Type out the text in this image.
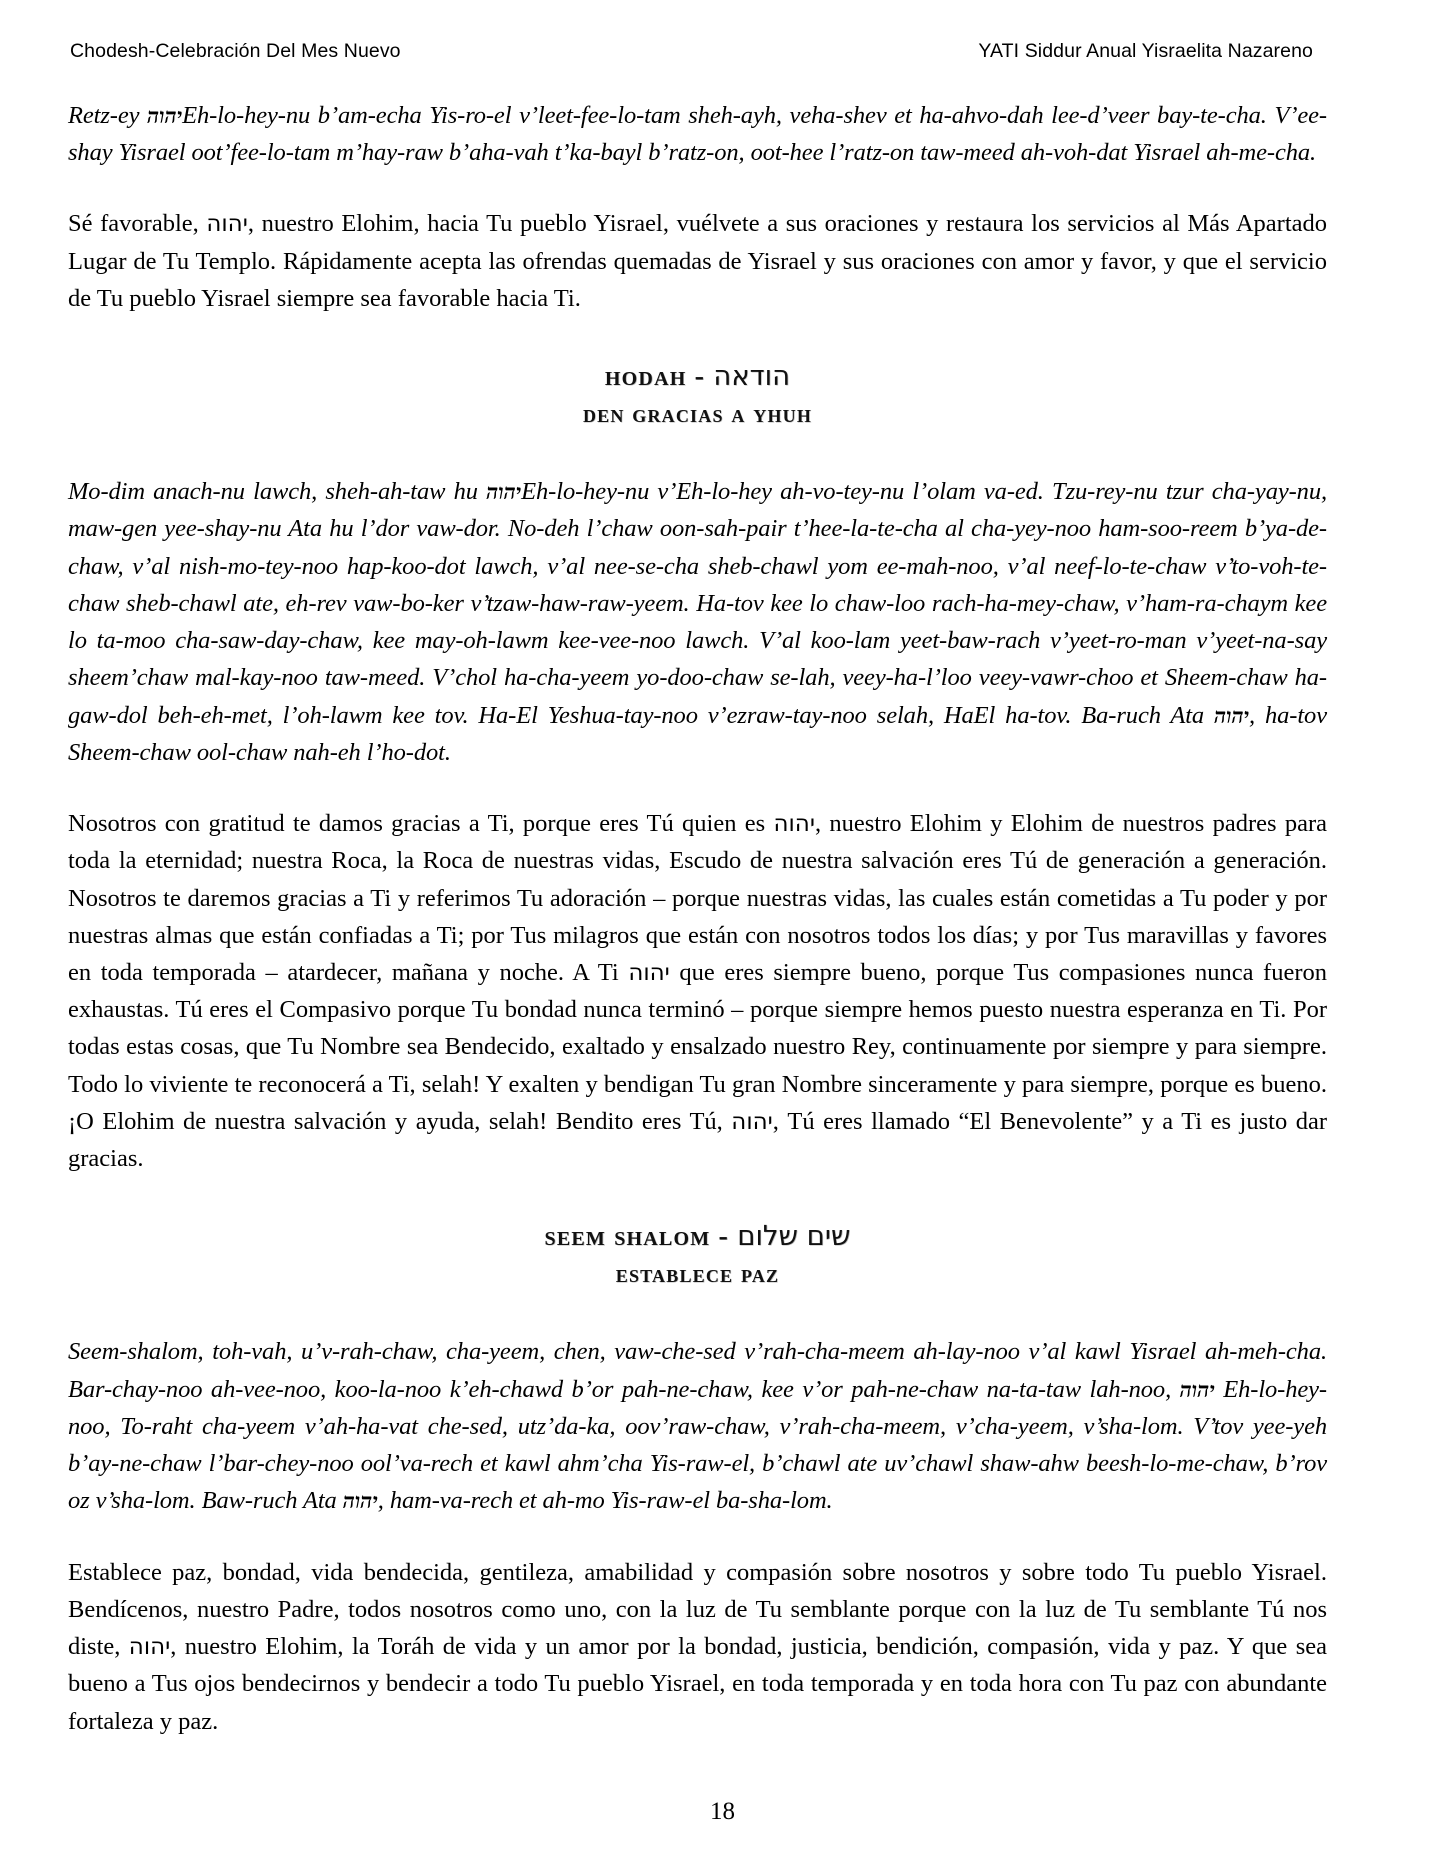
Chodesh-Celebración Del Mes Nuevo	YATI Siddur Anual Yisraelita Nazareno

Retz-ey יהוהEh-lo-hey-nu b’am-echa Yis-ro-el v’leet-fee-lo-tam sheh-ayh, veha-shev et ha-ahvo-dah lee-d’veer bay-te-cha. V’ee-shay Yisrael oot’fee-lo-tam m’hay-raw b’aha-vah t’ka-bayl b’ratz-on, oot-hee l’ratz-on taw-meed ah-voh-dat Yisrael ah-me-cha.

Sé favorable, יהוה, nuestro Elohim, hacia Tu pueblo Yisrael, vuélvete a sus oraciones y restaura los servicios al Más Apartado Lugar de Tu Templo. Rápidamente acepta las ofrendas quemadas de Yisrael y sus oraciones con amor y favor, y que el servicio de Tu pueblo Yisrael siempre sea favorable hacia Ti.

hodah - הודאה
den gracias a yhuh

Mo-dim anach-nu lawch, sheh-ah-taw hu יהוהEh-lo-hey-nu v’Eh-lo-hey ah-vo-tey-nu l’olam va-ed. Tzu-rey-nu tzur cha-yay-nu, maw-gen yee-shay-nu Ata hu l’dor vaw-dor. No-deh l’chaw oon-sah-pair t’hee-la-te-cha al cha-yey-noo ham-soo-reem b’ya-de-chaw, v’al nish-mo-tey-noo hap-koo-dot lawch, v’al nee-se-cha sheb-chawl yom ee-mah-noo, v’al neef-lo-te-chaw v’to-voh-te-chaw sheb-chawl ate, eh-rev vaw-bo-ker v’tzaw-haw-raw-yeem. Ha-tov kee lo chaw-loo rach-ha-mey-chaw, v’ham-ra-chaym kee lo ta-moo cha-saw-day-chaw, kee may-oh-lawm kee-vee-noo lawch. V’al koo-lam yeet-baw-rach v’yeet-ro-man v’yeet-na-say sheem’chaw mal-kay-noo taw-meed. V’chol ha-cha-yeem yo-doo-chaw se-lah, veey-ha-l’loo veey-vawr-choo et Sheem-chaw ha-gaw-dol beh-eh-met, l’oh-lawm kee tov. Ha-El Yeshua-tay-noo v’ezraw-tay-noo selah, HaEl ha-tov. Ba-ruch Ata יהוה, ha-tov Sheem-chaw ool-chaw nah-eh l’ho-dot.

Nosotros con gratitud te damos gracias a Ti, porque eres Tú quien es יהוה, nuestro Elohim y Elohim de nuestros padres para toda la eternidad; nuestra Roca, la Roca de nuestras vidas, Escudo de nuestra salvación eres Tú de generación a generación. Nosotros te daremos gracias a Ti y referimos Tu adoración – porque nuestras vidas, las cuales están cometidas a Tu poder y por nuestras almas que están confiadas a Ti; por Tus milagros que están con nosotros todos los días; y por Tus maravillas y favores en toda temporada – atardecer, mañana y noche. A Ti יהוה que eres siempre bueno, porque Tus compasiones nunca fueron exhaustas. Tú eres el Compasivo porque Tu bondad nunca terminó – porque siempre hemos puesto nuestra esperanza en Ti. Por todas estas cosas, que Tu Nombre sea Bendecido, exaltado y ensalzado nuestro Rey, continuamente por siempre y para siempre. Todo lo viviente te reconocerá a Ti, selah! Y exalten y bendigan Tu gran Nombre sinceramente y para siempre, porque es bueno. ¡O Elohim de nuestra salvación y ayuda, selah! Bendito eres Tú, יהוה, Tú eres llamado “El Benevolente” y a Ti es justo dar gracias.

seem shalom - שים שלום
establece paz

Seem-shalom, toh-vah, u’v-rah-chaw, cha-yeem, chen, vaw-che-sed v’rah-cha-meem ah-lay-noo v’al kawl Yisrael ah-meh-cha. Bar-chay-noo ah-vee-noo, koo-la-noo k’eh-chawd b’or pah-ne-chaw, kee v’or pah-ne-chaw na-ta-taw lah-noo, יהוה Eh-lo-hey-noo, To-raht cha-yeem v’ah-ha-vat che-sed, utz’da-ka, oov’raw-chaw, v’rah-cha-meem, v’cha-yeem, v’sha-lom. V’tov yee-yeh b’ay-ne-chaw l’bar-chey-noo ool’va-rech et kawl ahm’cha Yis-raw-el, b’chawl ate uv’chawl shaw-ahw beesh-lo-me-chaw, b’rov oz v’sha-lom. Baw-ruch Ata יהוה, ham-va-rech et ah-mo Yis-raw-el ba-sha-lom.

Establece paz, bondad, vida bendecida, gentileza, amabilidad y compasión sobre nosotros y sobre todo Tu pueblo Yisrael. Bendícenos, nuestro Padre, todos nosotros como uno, con la luz de Tu semblante porque con la luz de Tu semblante Tú nos diste, יהוה, nuestro Elohim, la Toráh de vida y un amor por la bondad, justicia, bendición, compasión, vida y paz. Y que sea bueno a Tus ojos bendecirnos y bendecir a todo Tu pueblo Yisrael, en toda temporada y en toda hora con Tu paz con abundante fortaleza y paz.

18
